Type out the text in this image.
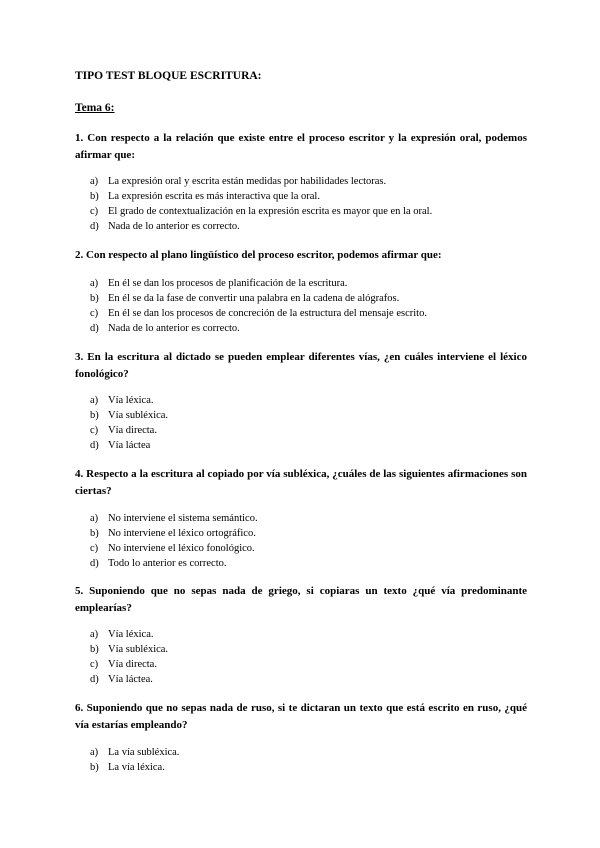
TIPO TEST BLOQUE ESCRITURA:
Tema 6:
1. Con respecto a la relación que existe entre el proceso escritor y la expresión oral, podemos afirmar que:
a) La expresión oral y escrita están medidas por habilidades lectoras.
b) La expresión escrita es más interactiva que la oral.
c) El grado de contextualización en la expresión escrita es mayor que en la oral.
d) Nada de lo anterior es correcto.
2. Con respecto al plano lingüístico del proceso escritor, podemos afirmar que:
a) En él se dan los procesos de planificación de la escritura.
b) En él se da la fase de convertir una palabra en la cadena de alógrafos.
c) En él se dan los procesos de concreción de la estructura del mensaje escrito.
d) Nada de lo anterior es correcto.
3. En la escritura al dictado se pueden emplear diferentes vías, ¿en cuáles interviene el léxico fonológico?
a) Vía léxica.
b) Vía subléxica.
c) Vía directa.
d) Vía láctea
4. Respecto a la escritura al copiado por vía subléxica, ¿cuáles de las siguientes afirmaciones son ciertas?
a) No interviene el sistema semántico.
b) No interviene el léxico ortográfico.
c) No interviene el léxico fonológico.
d) Todo lo anterior es correcto.
5. Suponiendo que no sepas nada de griego, si copiaras un texto ¿qué vía predominante emplearías?
a) Vía léxica.
b) Vía subléxica.
c) Vía directa.
d) Vía láctea.
6. Suponiendo que no sepas nada de ruso, si te dictaran un texto que está escrito en ruso, ¿qué vía estarías empleando?
a) La vía subléxica.
b) La vía léxica.
